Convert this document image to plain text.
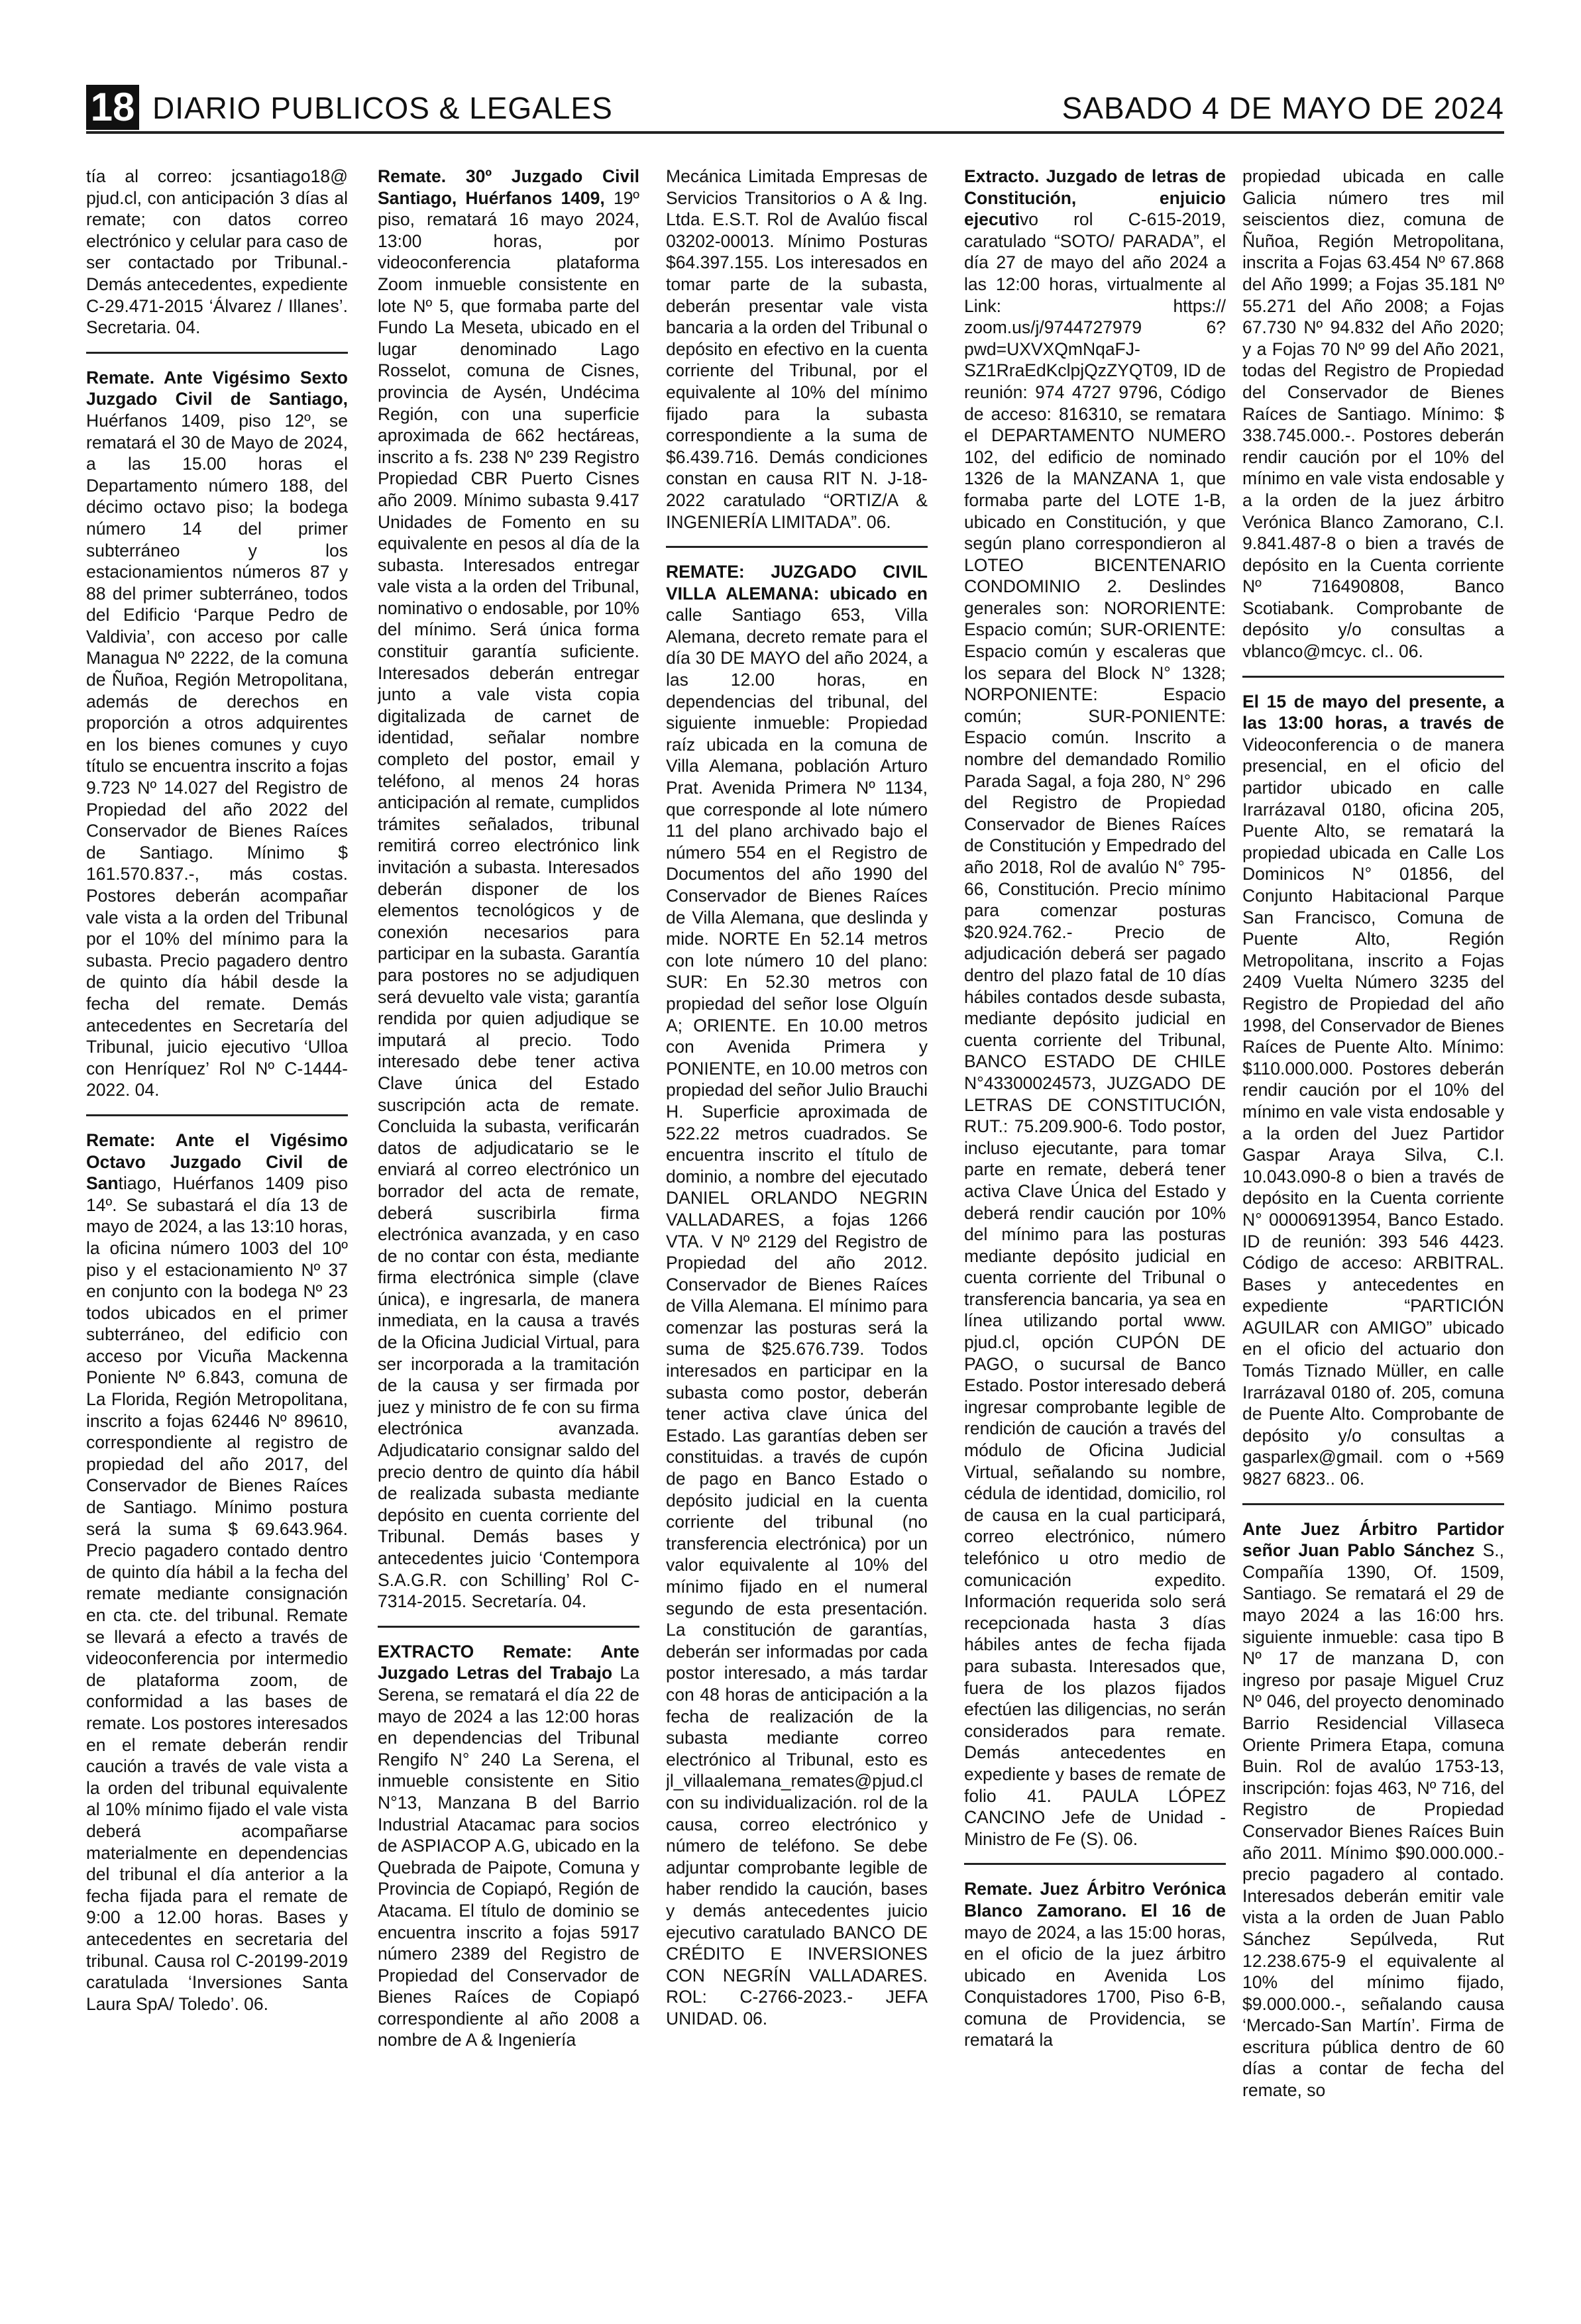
18 DIARIO PUBLICOS & LEGALES	SABADO 4 DE MAYO DE 2024

tía al correo: jcsantiago18@ pjud.cl, con anticipación 3 días al remate; con datos correo electrónico y celular para caso de ser contactado por Tribunal.- Demás antecedentes, expediente C-29.471-2015 ‘Álvarez / Illanes’. Secretaria. 04.

Remate. Ante Vigésimo Sexto Juzgado Civil de Santiago, Huérfanos 1409, piso 12º, se rematará el 30 de Mayo de 2024, a las 15.00 horas el Departamento número 188, del décimo octavo piso; la bodega número 14 del primer subterráneo y los estacionamientos números 87 y 88 del primer subterráneo, todos del Edificio ‘Parque Pedro de Valdivia’, con acceso por calle Managua Nº 2222, de la comuna de Ñuñoa, Región Metropolitana, además de derechos en proporción a otros adquirentes en los bienes comunes y cuyo título se encuentra inscrito a fojas 9.723 Nº 14.027 del Registro de Propiedad del año 2022 del Conservador de Bienes Raíces de Santiago. Mínimo $ 161.570.837.-, más costas. Postores deberán acompañar vale vista a la orden del Tribunal por el 10% del mínimo para la subasta. Precio pagadero dentro de quinto día hábil desde la fecha del remate. Demás antecedentes en Secretaría del Tribunal, juicio ejecutivo ‘Ulloa con Henríquez’ Rol Nº C-1444-2022. 04.

Remate: Ante el Vigésimo Octavo Juzgado Civil de Santiago, Huérfanos 1409 piso 14º. Se subastará el día 13 de mayo de 2024, a las 13:10 horas, la oficina número 1003 del 10º piso y el estacionamiento Nº 37 en conjunto con la bodega Nº 23 todos ubicados en el primer subterráneo, del edificio con acceso por Vicuña Mackenna Poniente Nº 6.843, comuna de La Florida, Región Metropolitana, inscrito a fojas 62446 Nº 89610, correspondiente al registro de propiedad del año 2017, del Conservador de Bienes Raíces de Santiago. Mínimo postura será la suma $ 69.643.964. Precio pagadero contado dentro de quinto día hábil a la fecha del remate mediante consignación en cta. cte. del tribunal. Remate se llevará a efecto a través de videoconferencia por intermedio de plataforma zoom, de conformidad a las bases de remate. Los postores interesados en el remate deberán rendir caución a través de vale vista a la orden del tribunal equivalente al 10% mínimo fijado el vale vista deberá acompañarse materialmente en dependencias del tribunal el día anterior a la fecha fijada para el remate de 9:00 a 12.00 horas. Bases y antecedentes en secretaria del tribunal. Causa rol C-20199-2019 caratulada ‘Inversiones Santa Laura SpA/ Toledo’. 06.

Remate. 30º Juzgado Civil Santiago, Huérfanos 1409, 19º piso, rematará 16 mayo 2024, 13:00 horas, por videoconferencia plataforma Zoom inmueble consistente en lote Nº 5, que formaba parte del Fundo La Meseta, ubicado en el lugar denominado Lago Rosselot, comuna de Cisnes, provincia de Aysén, Undécima Región, con una superficie aproximada de 662 hectáreas, inscrito a fs. 238 Nº 239 Registro Propiedad CBR Puerto Cisnes año 2009. Mínimo subasta 9.417 Unidades de Fomento en su equivalente en pesos al día de la subasta. Interesados entregar vale vista a la orden del Tribunal, nominativo o endosable, por 10% del mínimo. Será única forma constituir garantía suficiente. Interesados deberán entregar junto a vale vista copia digitalizada de carnet de identidad, señalar nombre completo del postor, email y teléfono, al menos 24 horas anticipación al remate, cumplidos trámites señalados, tribunal remitirá correo electrónico link invitación a subasta. Interesados deberán disponer de los elementos tecnológicos y de conexión necesarios para participar en la subasta. Garantía para postores no se adjudiquen será devuelto vale vista; garantía rendida por quien adjudique se imputará al precio. Todo interesado debe tener activa Clave única del Estado suscripción acta de remate. Concluida la subasta, verificarán datos de adjudicatario se le enviará al correo electrónico un borrador del acta de remate, deberá suscribirla firma electrónica avanzada, y en caso de no contar con ésta, mediante firma electrónica simple (clave única), e ingresarla, de manera inmediata, en la causa a través de la Oficina Judicial Virtual, para ser incorporada a la tramitación de la causa y ser firmada por juez y ministro de fe con su firma electrónica avanzada. Adjudicatario consignar saldo del precio dentro de quinto día hábil de realizada subasta mediante depósito en cuenta corriente del Tribunal. Demás bases y antecedentes juicio ‘Contempora S.A.G.R. con Schilling’ Rol C-7314-2015. Secretaría. 04.

EXTRACTO Remate: Ante Juzgado Letras del Trabajo La Serena, se rematará el día 22 de mayo de 2024 a las 12:00 horas en dependencias del Tribunal Rengifo N° 240 La Serena, el inmueble consistente en Sitio N°13, Manzana B del Barrio Industrial Atacamac para socios de ASPIACOP A.G, ubicado en la Quebrada de Paipote, Comuna y Provincia de Copiapó, Región de Atacama. El título de dominio se encuentra inscrito a fojas 5917 número 2389 del Registro de Propiedad del Conservador de Bienes Raíces de Copiapó correspondiente al año 2008 a nombre de A & Ingeniería

Mecánica Limitada Empresas de Servicios Transitorios o A & Ing. Ltda. E.S.T. Rol de Avalúo fiscal 03202-00013. Mínimo Posturas $64.397.155. Los interesados en tomar parte de la subasta, deberán presentar vale vista bancaria a la orden del Tribunal o depósito en efectivo en la cuenta corriente del Tribunal, por el equivalente al 10% del mínimo fijado para la subasta correspondiente a la suma de $6.439.716. Demás condiciones constan en causa RIT N. J-18-2022 caratulado “ORTIZ/A & INGENIERÍA LIMITADA”. 06.

REMATE: JUZGADO CIVIL VILLA ALEMANA: ubicado en calle Santiago 653, Villa Alemana, decreto remate para el día 30 DE MAYO del año 2024, a las 12.00 horas, en dependencias del tribunal, del siguiente inmueble: Propiedad raíz ubicada en la comuna de Villa Alemana, población Arturo Prat. Avenida Primera Nº 1134, que corresponde al lote número 11 del plano archivado bajo el número 554 en el Registro de Documentos del año 1990 del Conservador de Bienes Raíces de Villa Alemana, que deslinda y mide. NORTE En 52.14 metros con lote número 10 del plano: SUR: En 52.30 metros con propiedad del señor lose Olguín A; ORIENTE. En 10.00 metros con Avenida Primera y PONIENTE, en 10.00 metros con propiedad del señor Julio Brauchi H. Superficie aproximada de 522.22 metros cuadrados. Se encuentra inscrito el título de dominio, a nombre del ejecutado DANIEL ORLANDO NEGRIN VALLADARES, a fojas 1266 VTA. V Nº 2129 del Registro de Propiedad del año 2012. Conservador de Bienes Raíces de Villa Alemana. El mínimo para comenzar las posturas será la suma de $25.676.739. Todos interesados en participar en la subasta como postor, deberán tener activa clave única del Estado. Las garantías deben ser constituidas. a través de cupón de pago en Banco Estado o depósito judicial en la cuenta corriente del tribunal (no transferencia electrónica) por un valor equivalente al 10% del mínimo fijado en el numeral segundo de esta presentación. La constitución de garantías, deberán ser informadas por cada postor interesado, a más tardar con 48 horas de anticipación a la fecha de realización de la subasta mediante correo electrónico al Tribunal, esto es jl_villaalemana_remates@pjud.cl con su individualización. rol de la causa, correo electrónico y número de teléfono. Se debe adjuntar comprobante legible de haber rendido la caución, bases y demás antecedentes juicio ejecutivo caratulado BANCO DE CRÉDITO E INVERSIONES CON NEGRÍN VALLADARES. ROL: C-2766-2023.- JEFA UNIDAD. 06.

Extracto. Juzgado de letras de Constitución, enjuicio ejecutivo rol C-615-2019, caratulado “SOTO/ PARADA”, el día 27 de mayo del año 2024 a las 12:00 horas, virtualmente al Link: https:// zoom.us/j/9744727979 6?pwd=UXVXQmNqaFJ-SZ1RraEdKclpjQzZYQT09, ID de reunión: 974 4727 9796, Código de acceso: 816310, se rematara el DEPARTAMENTO NUMERO 102, del edificio de nominado 1326 de la MANZANA 1, que formaba parte del LOTE 1-B, ubicado en Constitución, y que según plano correspondieron al LOTEO BICENTENARIO CONDOMINIO 2. Deslindes generales son: NORORIENTE: Espacio común; SUR-ORIENTE: Espacio común y escaleras que los separa del Block N° 1328; NORPONIENTE: Espacio común; SUR-PONIENTE: Espacio común. Inscrito a nombre del demandado Romilio Parada Sagal, a foja 280, N° 296 del Registro de Propiedad Conservador de Bienes Raíces de Constitución y Empedrado del año 2018, Rol de avalúo N° 795-66, Constitución. Precio mínimo para comenzar posturas $20.924.762.- Precio de adjudicación deberá ser pagado dentro del plazo fatal de 10 días hábiles contados desde subasta, mediante depósito judicial en cuenta corriente del Tribunal, BANCO ESTADO DE CHILE N°43300024573, JUZGADO DE LETRAS DE CONSTITUCIÓN, RUT.: 75.209.900-6. Todo postor, incluso ejecutante, para tomar parte en remate, deberá tener activa Clave Única del Estado y deberá rendir caución por 10% del mínimo para las posturas mediante depósito judicial en cuenta corriente del Tribunal o transferencia bancaria, ya sea en línea utilizando portal www. pjud.cl, opción CUPÓN DE PAGO, o sucursal de Banco Estado. Postor interesado deberá ingresar comprobante legible de rendición de caución a través del módulo de Oficina Judicial Virtual, señalando su nombre, cédula de identidad, domicilio, rol de causa en la cual participará, correo electrónico, número telefónico u otro medio de comunicación expedito. Información requerida solo será recepcionada hasta 3 días hábiles antes de fecha fijada para subasta. Interesados que, fuera de los plazos fijados efectúen las diligencias, no serán considerados para remate. Demás antecedentes en expediente y bases de remate de folio 41. PAULA LÓPEZ CANCINO Jefe de Unidad - Ministro de Fe (S). 06.

Remate. Juez Árbitro Verónica Blanco Zamorano. El 16 de mayo de 2024, a las 15:00 horas, en el oficio de la juez árbitro ubicado en Avenida Los Conquistadores 1700, Piso 6-B, comuna de Providencia, se rematará la

propiedad ubicada en calle Galicia número tres mil seiscientos diez, comuna de Ñuñoa, Región Metropolitana, inscrita a Fojas 63.454 Nº 67.868 del Año 1999; a Fojas 35.181 Nº 55.271 del Año 2008; a Fojas 67.730 Nº 94.832 del Año 2020; y a Fojas 70 Nº 99 del Año 2021, todas del Registro de Propiedad del Conservador de Bienes Raíces de Santiago. Mínimo: $ 338.745.000.-. Postores deberán rendir caución por el 10% del mínimo en vale vista endosable y a la orden de la juez árbitro Verónica Blanco Zamorano, C.I. 9.841.487-8 o bien a través de depósito en la Cuenta corriente Nº 716490808, Banco Scotiabank. Comprobante de depósito y/o consultas a vblanco@mcyc. cl.. 06.

El 15 de mayo del presente, a las 13:00 horas, a través de Videoconferencia o de manera presencial, en el oficio del partidor ubicado en calle Irarrázaval 0180, oficina 205, Puente Alto, se rematará la propiedad ubicada en Calle Los Dominicos N° 01856, del Conjunto Habitacional Parque San Francisco, Comuna de Puente Alto, Región Metropolitana, inscrito a Fojas 2409 Vuelta Número 3235 del Registro de Propiedad del año 1998, del Conservador de Bienes Raíces de Puente Alto. Mínimo: $110.000.000. Postores deberán rendir caución por el 10% del mínimo en vale vista endosable y a la orden del Juez Partidor Gaspar Araya Silva, C.I. 10.043.090-8 o bien a través de depósito en la Cuenta corriente N° 00006913954, Banco Estado. ID de reunión: 393 546 4423. Código de acceso: ARBITRAL. Bases y antecedentes en expediente “PARTICIÓN AGUILAR con AMIGO” ubicado en el oficio del actuario don Tomás Tiznado Müller, en calle Irarrázaval 0180 of. 205, comuna de Puente Alto. Comprobante de depósito y/o consultas a gasparlex@gmail. com o +569 9827 6823.. 06.

Ante Juez Árbitro Partidor señor Juan Pablo Sánchez S., Compañía 1390, Of. 1509, Santiago. Se rematará el 29 de mayo 2024 a las 16:00 hrs. siguiente inmueble: casa tipo B Nº 17 de manzana D, con ingreso por pasaje Miguel Cruz Nº 046, del proyecto denominado Barrio Residencial Villaseca Oriente Primera Etapa, comuna Buin. Rol de avalúo 1753-13, inscripción: fojas 463, Nº 716, del Registro de Propiedad Conservador Bienes Raíces Buin año 2011. Mínimo $90.000.000.- precio pagadero al contado. Interesados deberán emitir vale vista a la orden de Juan Pablo Sánchez Sepúlveda, Rut 12.238.675-9 el equivalente al 10% del mínimo fijado, $9.000.000.-, señalando causa ‘Mercado-San Martín’. Firma de escritura pública dentro de 60 días a contar de fecha del remate, so
